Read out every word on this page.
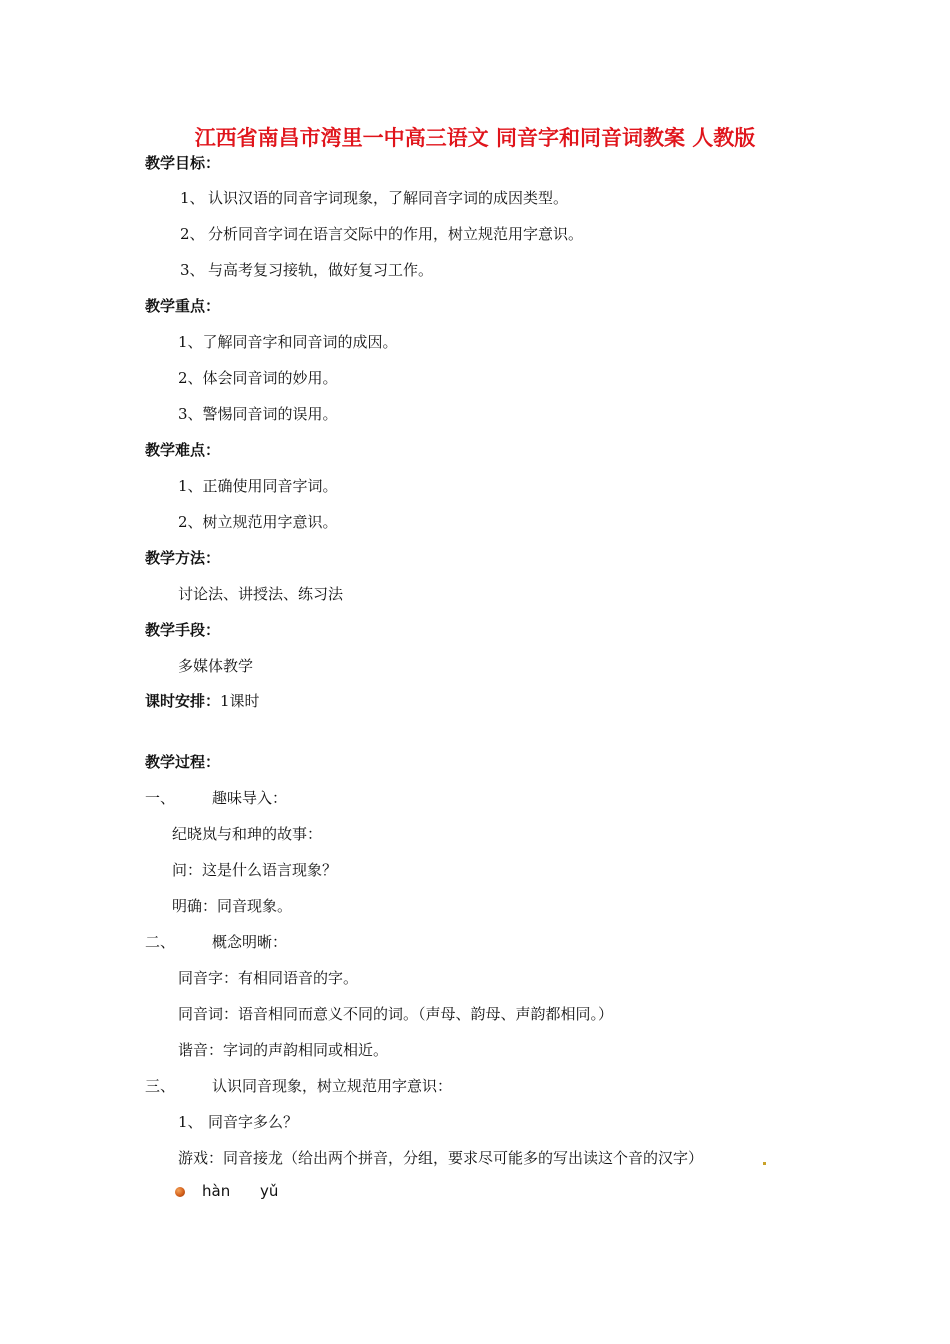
江西省南昌市湾里一中高三语文 同音字和同音词教案 人教版
教学目标：
1、 认识汉语的同音字词现象，了解同音字词的成因类型。
2、 分析同音字词在语言交际中的作用，树立规范用字意识。
3、 与高考复习接轨，做好复习工作。
教学重点：
1、了解同音字和同音词的成因。
2、体会同音词的妙用。
3、警惕同音词的误用。
教学难点：
1、正确使用同音字词。
2、树立规范用字意识。
教学方法：
讨论法、讲授法、练习法
教学手段：
多媒体教学
课时安排：1课时
教学过程：
一、 趣味导入：
纪晓岚与和珅的故事：
问：这是什么语言现象？
明确：同音现象。
二、 概念明晰：
同音字：有相同语音的字。
同音词：语音相同而意义不同的词。（声母、韵母、声韵都相同。）
谐音：字词的声韵相同或相近。
三、 认识同音现象，树立规范用字意识：
1、 同音字多么？
游戏：同音接龙（给出两个拼音，分组，要求尽可能多的写出读这个音的汉字）
hàn yǔ
